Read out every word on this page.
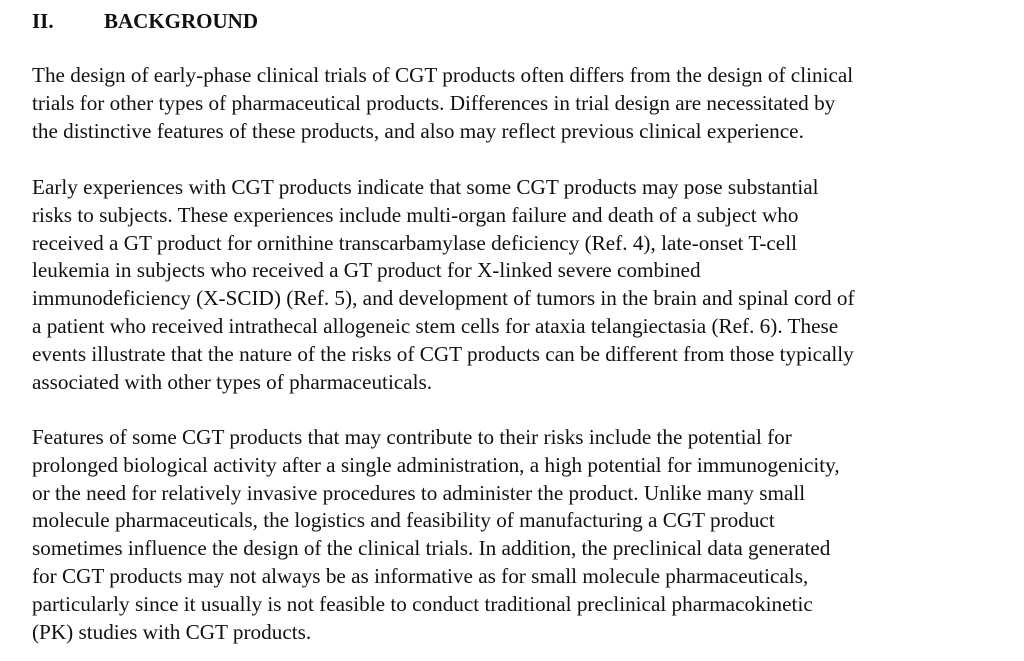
II. BACKGROUND

The design of early-phase clinical trials of CGT products often differs from the design of clinical
trials for other types of pharmaceutical products. Differences in trial design are necessitated by
the distinctive features of these products, and also may reflect previous clinical experience.

Early experiences with CGT products indicate that some CGT products may pose substantial
risks to subjects. These experiences include multi-organ failure and death of a subject who
received a GT product for ornithine transcarbamylase deficiency (Ref. 4), late-onset T-cell
leukemia in subjects who received a GT product for X-linked severe combined
immunodeficiency (X-SCID) (Ref. 5), and development of tumors in the brain and spinal cord of
a patient who received intrathecal allogeneic stem cells for ataxia telangiectasia (Ref. 6). These
events illustrate that the nature of the risks of CGT products can be different from those typically
associated with other types of pharmaceuticals.

Features of some CGT products that may contribute to their risks include the potential for
prolonged biological activity after a single administration, a high potential for immunogenicity,
or the need for relatively invasive procedures to administer the product. Unlike many small
molecule pharmaceuticals, the logistics and feasibility of manufacturing a CGT product
sometimes influence the design of the clinical trials. In addition, the preclinical data generated
for CGT products may not always be as informative as for small molecule pharmaceuticals,
particularly since it usually is not feasible to conduct traditional preclinical pharmacokinetic
(PK) studies with CGT products.
